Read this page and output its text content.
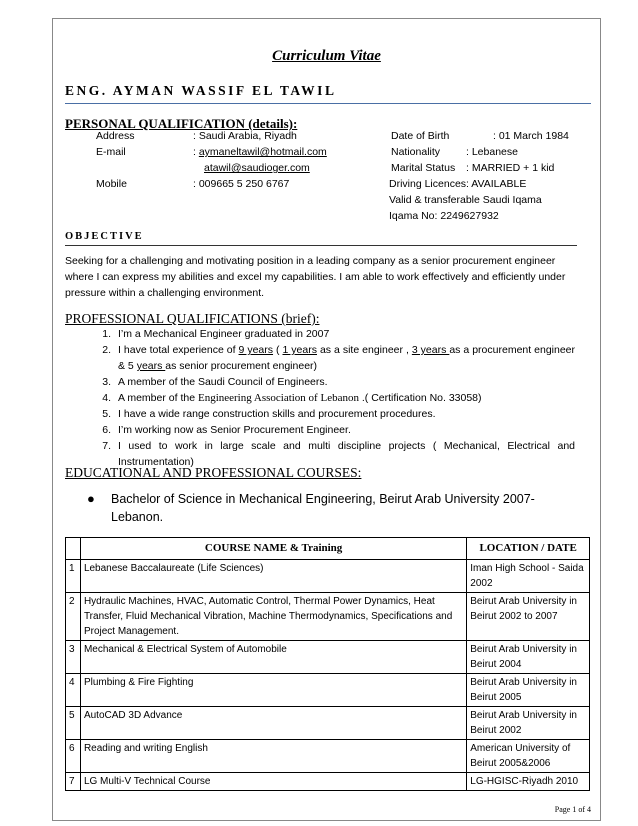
Curriculum Vitae
ENG. AYMAN WASSIF EL TAWIL
PERSONAL QUALIFICATION (details):
Address	: Saudi Arabia, Riyadh
E-mail	: aymaneltawil@hotmail.com
atawil@saudioger.com
Mobile	: 009665 5 250 6767
Date of Birth	: 01 March 1984
Nationality : Lebanese
Marital Status : MARRIED + 1 kid
Driving Licences: AVAILABLE
Valid & transferable Saudi Iqama
Iqama No: 2249627932
OBJECTIVE
Seeking for a challenging and motivating position in a leading company as a senior procurement engineer where I can express my abilities and excel my capabilities. I am able to work effectively and efficiently under pressure within a challenging environment.
PROFESSIONAL QUALIFICATIONS (brief):
1. I’m a Mechanical Engineer graduated in 2007
2. I have total experience of 9 years ( 1 years as a site engineer , 3 years as a procurement engineer & 5 years as senior procurement engineer)
3. A member of the Saudi Council of Engineers.
4. A member of the Engineering Association of Lebanon .( Certification No. 33058)
5. I have a wide range construction skills and procurement procedures.
6. I’m working now as Senior Procurement Engineer.
7. I used to work in large scale and multi discipline projects ( Mechanical, Electrical and Instrumentation)
EDUCATIONAL AND PROFESSIONAL COURSES:
●	Bachelor of Science in Mechanical Engineering, Beirut Arab University 2007-Lebanon.
	COURSE NAME & Training	LOCATION / DATE
1	Lebanese Baccalaureate (Life Sciences)	Iman High School - Saida 2002
2	Hydraulic Machines, HVAC, Automatic Control, Thermal Power Dynamics, Heat Transfer, Fluid Mechanical Vibration, Machine Thermodynamics, Specifications and Project Management.	Beirut Arab University in Beirut 2002 to 2007
3	Mechanical & Electrical System of Automobile	Beirut Arab University in Beirut 2004
4	Plumbing & Fire Fighting	Beirut Arab University in Beirut 2005
5	AutoCAD 3D Advance	Beirut Arab University in Beirut 2002
6	Reading and writing English	American University of Beirut 2005&2006
7	LG Multi-V Technical Course	LG-HGISC-Riyadh 2010
Page 1 of 4
